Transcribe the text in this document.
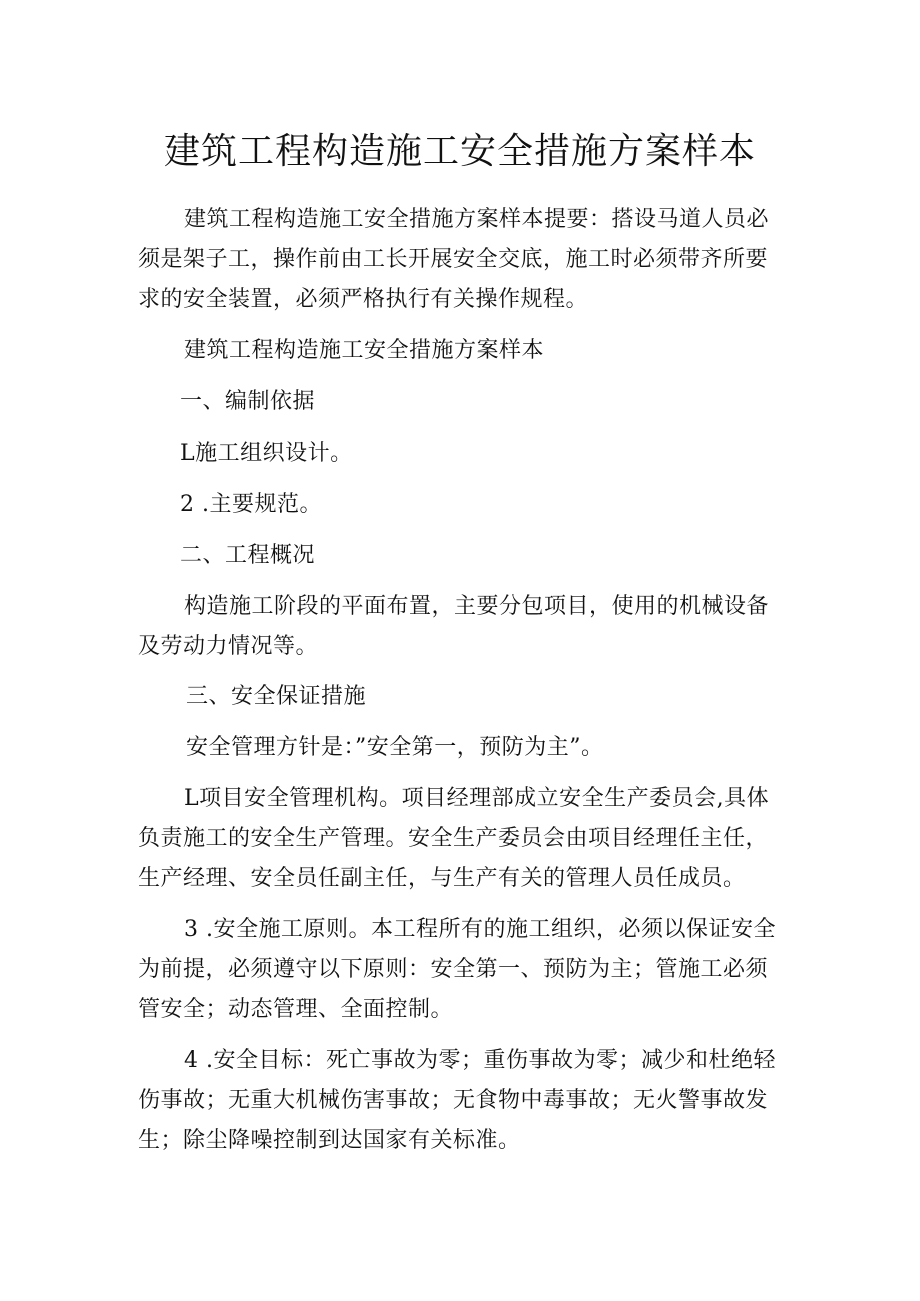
建筑工程构造施工安全措施方案样本

建筑工程构造施工安全措施方案样本提要：搭设马道人员必
须是架子工，操作前由工长开展安全交底，施工时必须带齐所要
求的安全装置，必须严格执行有关操作规程。

建筑工程构造施工安全措施方案样本

一、编制依据

L施工组织设计。

2 .主要规范。

二、工程概况

构造施工阶段的平面布置，主要分包项目，使用的机械设备
及劳动力情况等。

三、安全保证措施

安全管理方针是：”安全第一，预防为主”。

L项目安全管理机构。项目经理部成立安全生产委员会,具体
负责施工的安全生产管理。安全生产委员会由项目经理任主任，
生产经理、安全员任副主任，与生产有关的管理人员任成员。

3 .安全施工原则。本工程所有的施工组织，必须以保证安全
为前提，必须遵守以下原则：安全第一、预防为主；管施工必须
管安全；动态管理、全面控制。

4 .安全目标：死亡事故为零；重伤事故为零；减少和杜绝轻
伤事故；无重大机械伤害事故；无食物中毒事故；无火警事故发
生；除尘降噪控制到达国家有关标准。
